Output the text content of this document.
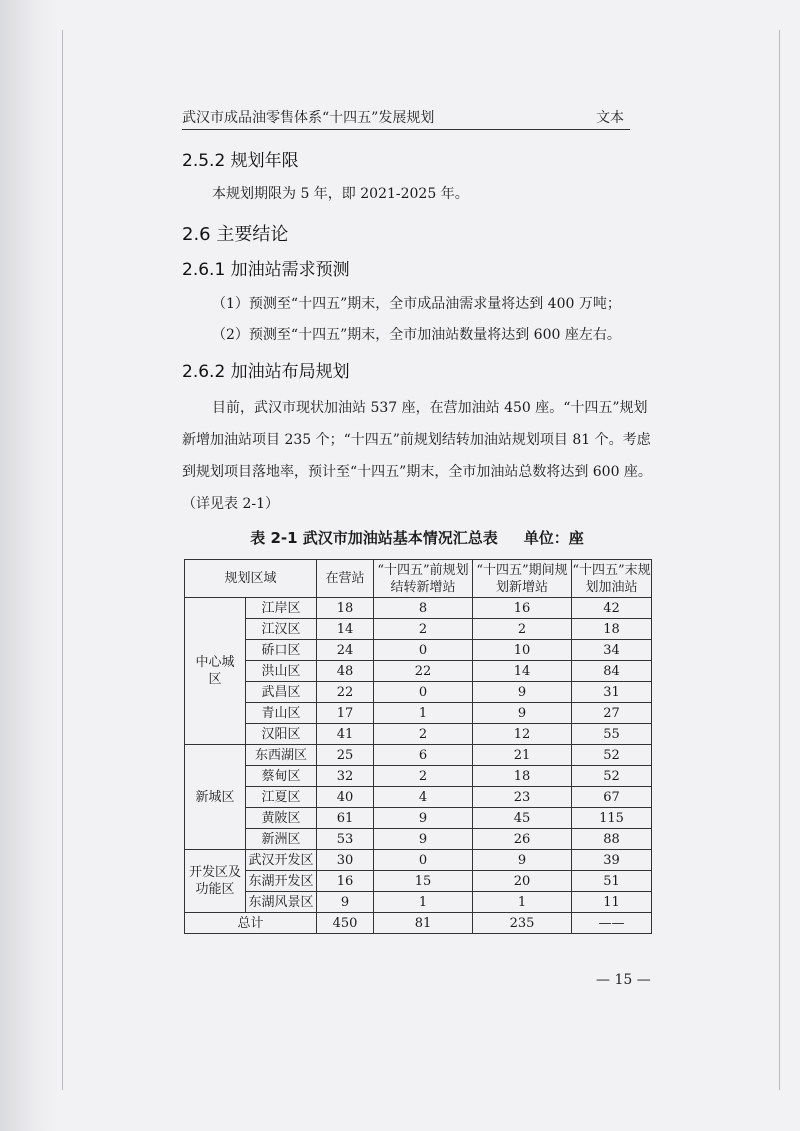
武汉市成品油零售体系“十四五”发展规划	文本
2.5.2 规划年限
本规划期限为 5 年，即 2021-2025 年。
2.6 主要结论
2.6.1 加油站需求预测
（1）预测至“十四五”期末，全市成品油需求量将达到 400 万吨；
（2）预测至“十四五”期末，全市加油站数量将达到 600 座左右。
2.6.2 加油站布局规划
目前，武汉市现状加油站 537 座，在营加油站 450 座。“十四五”规划新增加油站项目 235 个；“十四五”前规划结转加油站规划项目 81 个。考虑到规划项目落地率，预计至“十四五”期末，全市加油站总数将达到 600 座。（详见表 2-1）
表 2-1 武汉市加油站基本情况汇总表 单位：座
规划区域		在营站	“十四五”前规划结转新增站	“十四五”期间规划新增站	“十四五”末规划加油站
中心城区	江岸区	18	8	16	42
	江汉区	14	2	2	18
	硚口区	24	0	10	34
	洪山区	48	22	14	84
	武昌区	22	0	9	31
	青山区	17	1	9	27
	汉阳区	41	2	12	55
新城区	东西湖区	25	6	21	52
	蔡甸区	32	2	18	52
	江夏区	40	4	23	67
	黄陂区	61	9	45	115
	新洲区	53	9	26	88
开发区及功能区	武汉开发区	30	0	9	39
	东湖开发区	16	15	20	51
	东湖风景区	9	1	1	11
总计		450	81	235	——
— 15 —
